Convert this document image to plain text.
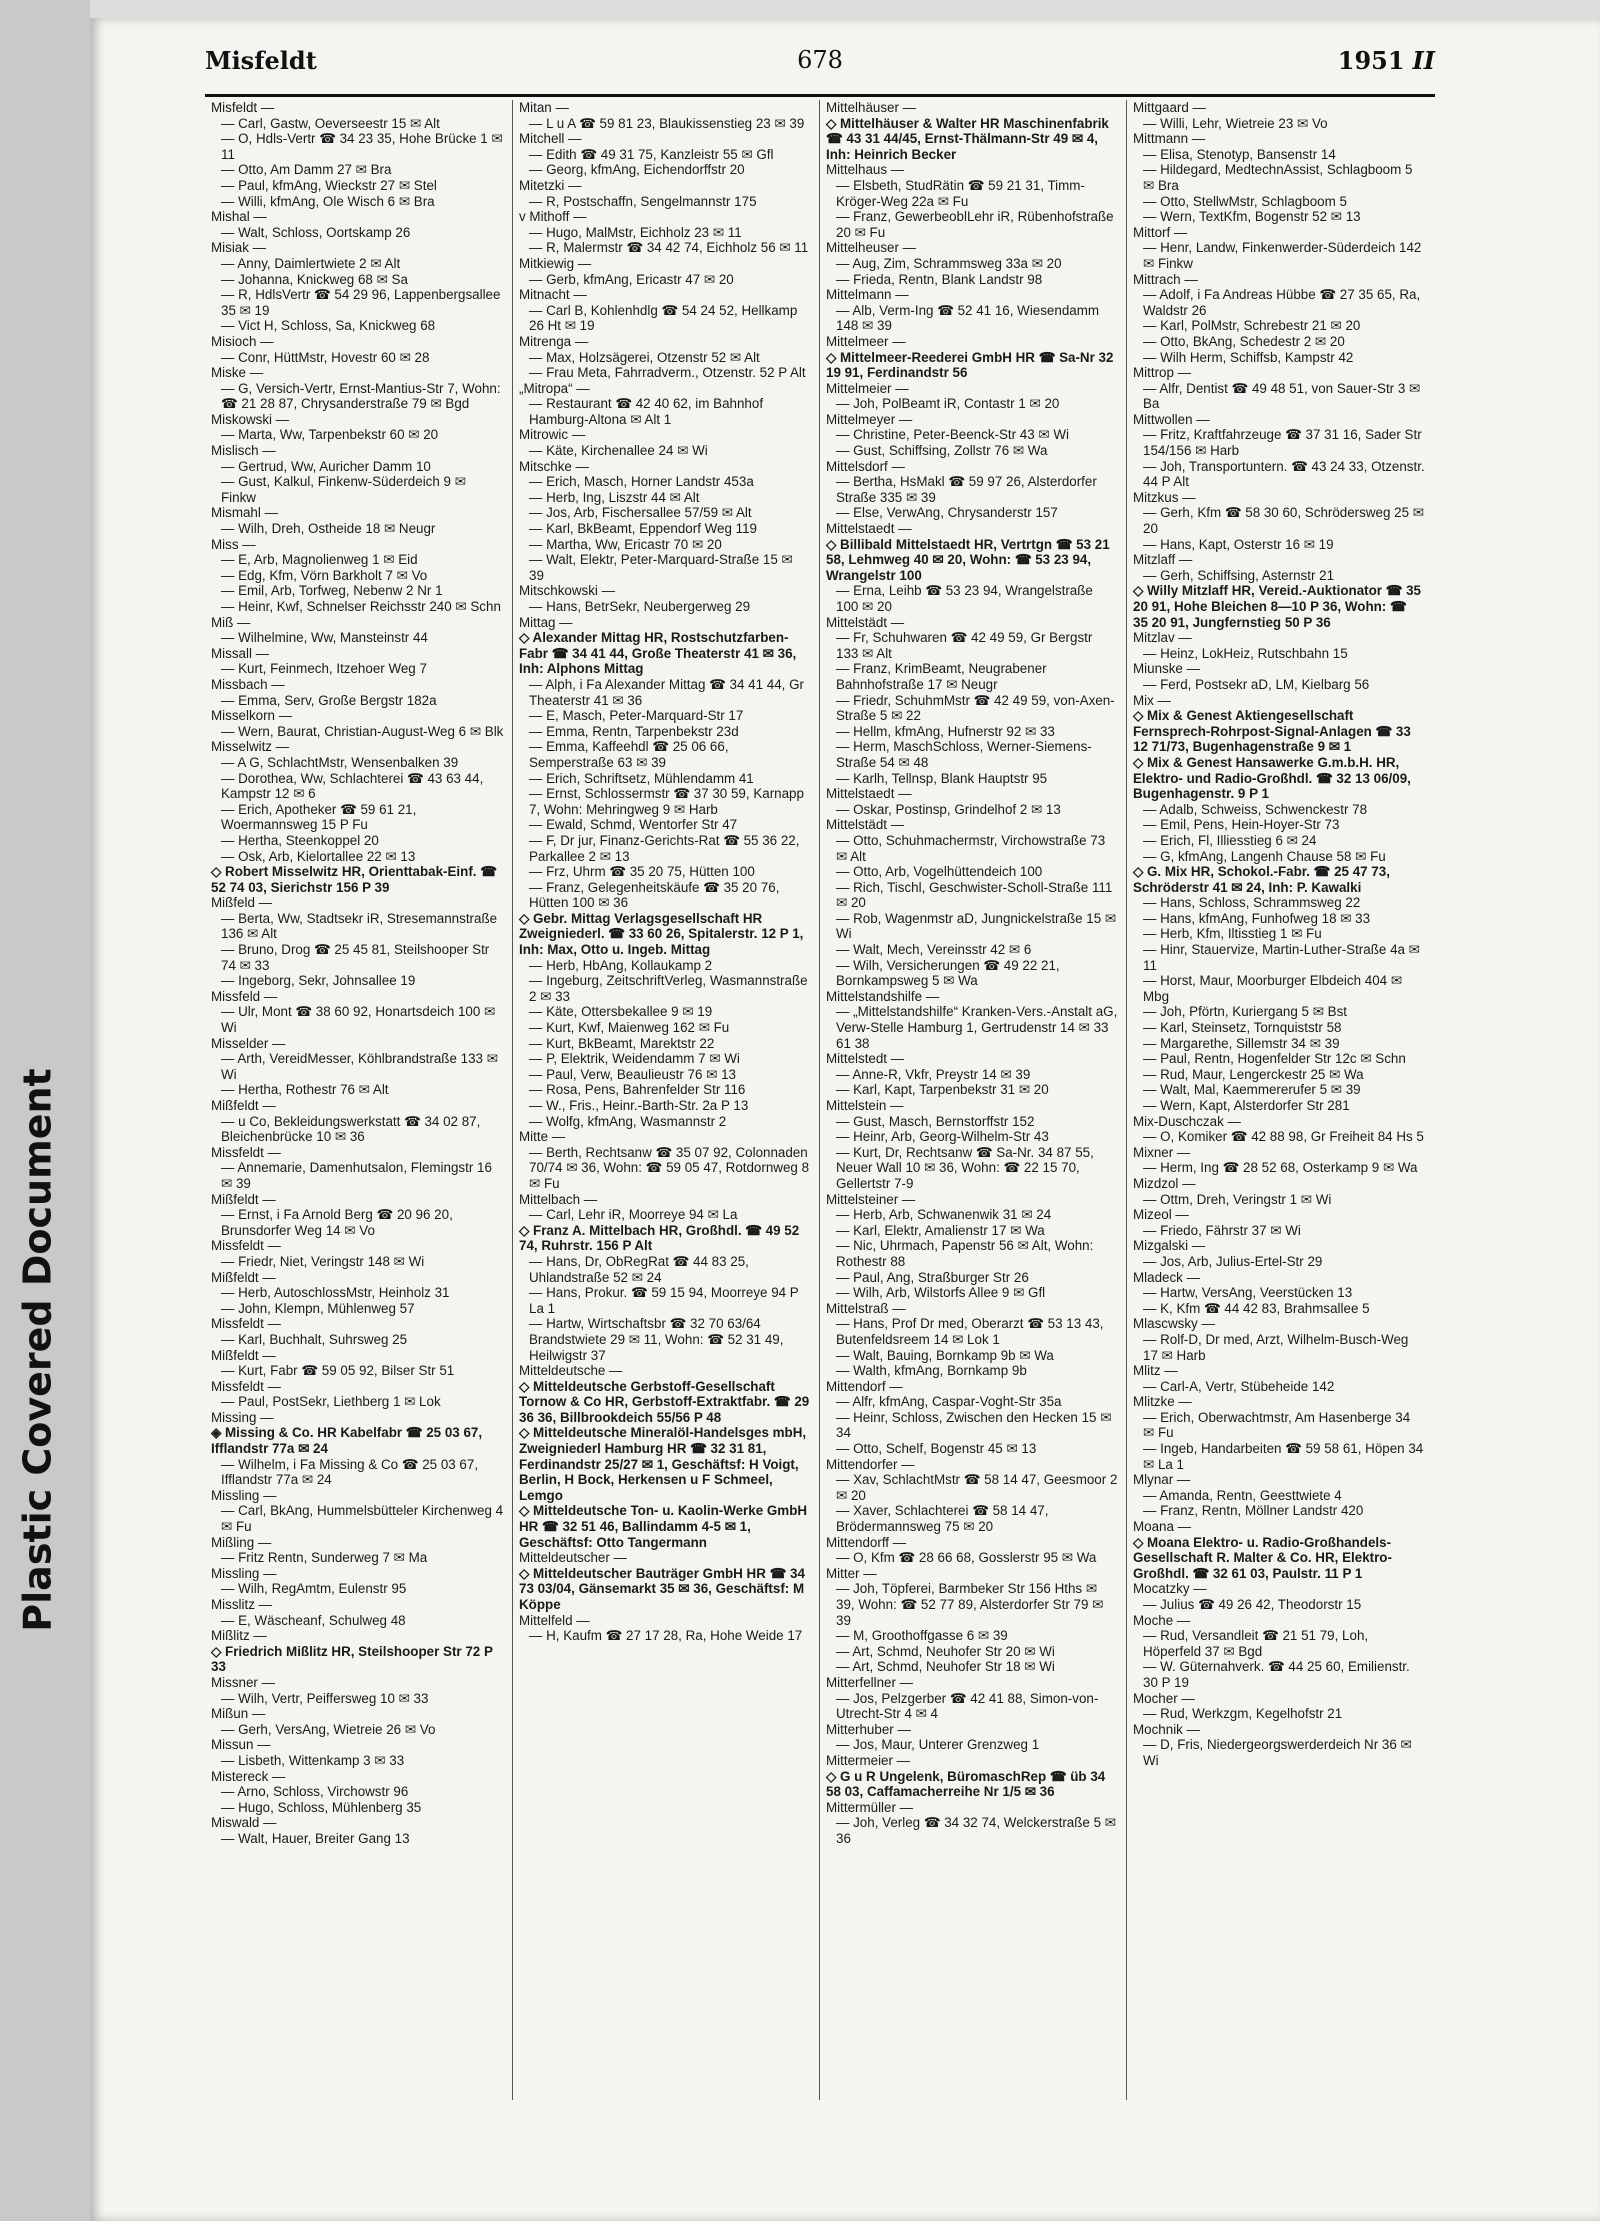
Plastic Covered Document
Misfeldt	678	1951 II
Misfeldt —
— Carl, Gastw, Oeverseestr 15 ✉ Alt
— O, Hdls-Vertr ☎ 34 23 35, Hohe Brücke 1 ✉ 11
— Otto, Am Damm 27 ✉ Bra
— Paul, kfmAng, Wieckstr 27 ✉ Stel
— Willi, kfmAng, Ole Wisch 6 ✉ Bra
Mishal —
— Walt, Schloss, Oortskamp 26
Misiak —
— Anny, Daimlertwiete 2 ✉ Alt
— Johanna, Knickweg 68 ✉ Sa
— R, HdlsVertr ☎ 54 29 96, Lappenbergsallee 35 ✉ 19
— Vict H, Schloss, Sa, Knickweg 68
Misioch —
— Conr, HüttMstr, Hovestr 60 ✉ 28
Miske —
— G, Versich-Vertr, Ernst-Mantius-Str 7, Wohn: ☎ 21 28 87, Chrysanderstraße 79 ✉ Bgd
Miskowski —
— Marta, Ww, Tarpenbekstr 60 ✉ 20
Mislisch —
— Gertrud, Ww, Auricher Damm 10
— Gust, Kalkul, Finkenw-Süderdeich 9 ✉ Finkw
Mismahl —
— Wilh, Dreh, Ostheide 18 ✉ Neugr
Miss —
— E, Arb, Magnolienweg 1 ✉ Eid
— Edg, Kfm, Vörn Barkholt 7 ✉ Vo
— Emil, Arb, Torfweg, Nebenw 2 Nr 1
— Heinr, Kwf, Schnelser Reichsstr 240 ✉ Schn
Miß —
— Wilhelmine, Ww, Mansteinstr 44
Missall —
— Kurt, Feinmech, Itzehoer Weg 7
Missbach —
— Emma, Serv, Große Bergstr 182a
Misselkorn —
— Wern, Baurat, Christian-August-Weg 6 ✉ Blk
Misselwitz —
— A G, SchlachtMstr, Wensenbalken 39
— Dorothea, Ww, Schlachterei ☎ 43 63 44, Kampstr 12 ✉ 6
— Erich, Apotheker ☎ 59 61 21, Woermannsweg 15 P Fu
— Hertha, Steenkoppel 20
— Osk, Arb, Kielortallee 22 ✉ 13
◇ Robert Misselwitz HR, Orienttabak-Einf. ☎ 52 74 03, Sierichstr 156 P 39
Mißfeld —
— Berta, Ww, Stadtsekr iR, Stresemannstraße 136 ✉ Alt
— Bruno, Drog ☎ 25 45 81, Steilshooper Str 74 ✉ 33
— Ingeborg, Sekr, Johnsallee 19
Missfeld —
— Ulr, Mont ☎ 38 60 92, Honartsdeich 100 ✉ Wi
Misselder —
— Arth, VereidMesser, Köhlbrandstraße 133 ✉ Wi
— Hertha, Rothestr 76 ✉ Alt
Mißfeldt —
— u Co, Bekleidungswerkstatt ☎ 34 02 87, Bleichenbrücke 10 ✉ 36
Missfeldt —
— Annemarie, Damenhutsalon, Flemingstr 16 ✉ 39
Mißfeldt —
— Ernst, i Fa Arnold Berg ☎ 20 96 20, Brunsdorfer Weg 14 ✉ Vo
Missfeldt —
— Friedr, Niet, Veringstr 148 ✉ Wi
Mißfeldt —
— Herb, AutoschlossMstr, Heinholz 31
— John, Klempn, Mühlenweg 57
Missfeldt —
— Karl, Buchhalt, Suhrsweg 25
Mißfeldt —
— Kurt, Fabr ☎ 59 05 92, Bilser Str 51
Missfeldt —
— Paul, PostSekr, Liethberg 1 ✉ Lok
Missing —
◈ Missing & Co. HR Kabelfabr ☎ 25 03 67, Ifflandstr 77a ✉ 24
— Wilhelm, i Fa Missing & Co ☎ 25 03 67, Ifflandstr 77a ✉ 24
Missling —
— Carl, BkAng, Hummelsbütteler Kirchenweg 4 ✉ Fu
Mißling —
— Fritz Rentn, Sunderweg 7 ✉ Ma
Missling —
— Wilh, RegAmtm, Eulenstr 95
Misslitz —
— E, Wäscheanf, Schulweg 48
Mißlitz —
◇ Friedrich Mißlitz HR, Steilshooper Str 72 P 33
Missner —
— Wilh, Vertr, Peiffersweg 10 ✉ 33
Mißun —
— Gerh, VersAng, Wietreie 26 ✉ Vo
Missun —
— Lisbeth, Wittenkamp 3 ✉ 33
Mistereck —
— Arno, Schloss, Virchowstr 96
— Hugo, Schloss, Mühlenberg 35
Miswald —
— Walt, Hauer, Breiter Gang 13
Mitan —
— L u A ☎ 59 81 23, Blaukissenstieg 23 ✉ 39
Mitchell —
— Edith ☎ 49 31 75, Kanzleistr 55 ✉ Gfl
— Georg, kfmAng, Eichendorffstr 20
Mitetzki —
— R, Postschaffn, Sengelmannstr 175
v Mithoff —
— Hugo, MalMstr, Eichholz 23 ✉ 11
— R, Malermstr ☎ 34 42 74, Eichholz 56 ✉ 11
Mitkiewig —
— Gerb, kfmAng, Ericastr 47 ✉ 20
Mitnacht —
— Carl B, Kohlenhdlg ☎ 54 24 52, Hellkamp 26 Ht ✉ 19
Mitrenga —
— Max, Holzsägerei, Otzenstr 52 ✉ Alt
— Frau Meta, Fahrradverm., Otzenstr. 52 P Alt
„Mitropa“ —
— Restaurant ☎ 42 40 62, im Bahnhof Hamburg-Altona ✉ Alt 1
Mitrowic —
— Käte, Kirchenallee 24 ✉ Wi
Mitschke —
— Erich, Masch, Horner Landstr 453a
— Herb, Ing, Liszstr 44 ✉ Alt
— Jos, Arb, Fischersallee 57/59 ✉ Alt
— Karl, BkBeamt, Eppendorf Weg 119
— Martha, Ww, Ericastr 70 ✉ 20
— Walt, Elektr, Peter-Marquard-Straße 15 ✉ 39
Mitschkowski —
— Hans, BetrSekr, Neubergerweg 29
Mittag —
◇ Alexander Mittag HR, Rostschutzfarben-Fabr ☎ 34 41 44, Große Theaterstr 41 ✉ 36, Inh: Alphons Mittag
— Alph, i Fa Alexander Mittag ☎ 34 41 44, Gr Theaterstr 41 ✉ 36
— E, Masch, Peter-Marquard-Str 17
— Emma, Rentn, Tarpenbekstr 23d
— Emma, Kaffeehdl ☎ 25 06 66, Semperstraße 63 ✉ 39
— Erich, Schriftsetz, Mühlendamm 41
— Ernst, Schlossermstr ☎ 37 30 59, Karnapp 7, Wohn: Mehringweg 9 ✉ Harb
— Ewald, Schmd, Wentorfer Str 47
— F, Dr jur, Finanz-Gerichts-Rat ☎ 55 36 22, Parkallee 2 ✉ 13
— Frz, Uhrm ☎ 35 20 75, Hütten 100
— Franz, Gelegenheitskäufe ☎ 35 20 76, Hütten 100 ✉ 36
◇ Gebr. Mittag Verlagsgesellschaft HR Zweigniederl. ☎ 33 60 26, Spitalerstr. 12 P 1, Inh: Max, Otto u. Ingeb. Mittag
— Herb, HbAng, Kollaukamp 2
— Ingeburg, ZeitschriftVerleg, Wasmannstraße 2 ✉ 33
— Käte, Ottersbekallee 9 ✉ 19
— Kurt, Kwf, Maienweg 162 ✉ Fu
— Kurt, BkBeamt, Marektstr 22
— P, Elektrik, Weidendamm 7 ✉ Wi
— Paul, Verw, Beaulieustr 76 ✉ 13
— Rosa, Pens, Bahrenfelder Str 116
— W., Fris., Heinr.-Barth-Str. 2a P 13
— Wolfg, kfmAng, Wasmannstr 2
Mitte —
— Berth, Rechtsanw ☎ 35 07 92, Colonnaden 70/74 ✉ 36, Wohn: ☎ 59 05 47, Rotdornweg 8 ✉ Fu
Mittelbach —
— Carl, Lehr iR, Moorreye 94 ✉ La
◇ Franz A. Mittelbach HR, Großhdl. ☎ 49 52 74, Ruhrstr. 156 P Alt
— Hans, Dr, ObRegRat ☎ 44 83 25, Uhlandstraße 52 ✉ 24
— Hans, Prokur. ☎ 59 15 94, Moorreye 94 P La 1
— Hartw, Wirtschaftsbr ☎ 32 70 63/64 Brandstwiete 29 ✉ 11, Wohn: ☎ 52 31 49, Heilwigstr 37
Mitteldeutsche —
◇ Mitteldeutsche Gerbstoff-Gesellschaft Tornow & Co HR, Gerbstoff-Extraktfabr. ☎ 29 36 36, Billbrookdeich 55/56 P 48
◇ Mitteldeutsche Mineralöl-Handelsges mbH, Zweigniederl Hamburg HR ☎ 32 31 81, Ferdinandstr 25/27 ✉ 1, Geschäftsf: H Voigt, Berlin, H Bock, Herkensen u F Schmeel, Lemgo
◇ Mitteldeutsche Ton- u. Kaolin-Werke GmbH HR ☎ 32 51 46, Ballindamm 4-5 ✉ 1, Geschäftsf: Otto Tangermann
Mitteldeutscher —
◇ Mitteldeutscher Bauträger GmbH HR ☎ 34 73 03/04, Gänsemarkt 35 ✉ 36, Geschäftsf: M Köppe
Mittelfeld —
— H, Kaufm ☎ 27 17 28, Ra, Hohe Weide 17
Mittelhäuser —
◇ Mittelhäuser & Walter HR Maschinenfabrik ☎ 43 31 44/45, Ernst-Thälmann-Str 49 ✉ 4, Inh: Heinrich Becker
Mittelhaus —
— Elsbeth, StudRätin ☎ 59 21 31, Timm-Kröger-Weg 22a ✉ Fu
— Franz, GewerbeoblLehr iR, Rübenhofstraße 20 ✉ Fu
Mittelheuser —
— Aug, Zim, Schrammsweg 33a ✉ 20
— Frieda, Rentn, Blank Landstr 98
Mittelmann —
— Alb, Verm-Ing ☎ 52 41 16, Wiesendamm 148 ✉ 39
Mittelmeer —
◇ Mittelmeer-Reederei GmbH HR ☎ Sa-Nr 32 19 91, Ferdinandstr 56
Mittelmeier —
— Joh, PolBeamt iR, Contastr 1 ✉ 20
Mittelmeyer —
— Christine, Peter-Beenck-Str 43 ✉ Wi
— Gust, Schiffsing, Zollstr 76 ✉ Wa
Mittelsdorf —
— Bertha, HsMakl ☎ 59 97 26, Alsterdorfer Straße 335 ✉ 39
— Else, VerwAng, Chrysanderstr 157
Mittelstaedt —
◇ Billibald Mittelstaedt HR, Vertrtgn ☎ 53 21 58, Lehmweg 40 ✉ 20, Wohn: ☎ 53 23 94, Wrangelstr 100
— Erna, Leihb ☎ 53 23 94, Wrangelstraße 100 ✉ 20
Mittelstädt —
— Fr, Schuhwaren ☎ 42 49 59, Gr Bergstr 133 ✉ Alt
— Franz, KrimBeamt, Neugrabener Bahnhofstraße 17 ✉ Neugr
— Friedr, SchuhmMstr ☎ 42 49 59, von-Axen-Straße 5 ✉ 22
— Hellm, kfmAng, Hufnerstr 92 ✉ 33
— Herm, MaschSchloss, Werner-Siemens-Straße 54 ✉ 48
— Karlh, Tellnsp, Blank Hauptstr 95
Mittelstaedt —
— Oskar, Postinsp, Grindelhof 2 ✉ 13
Mittelstädt —
— Otto, Schuhmachermstr, Virchowstraße 73 ✉ Alt
— Otto, Arb, Vogelhüttendeich 100
— Rich, Tischl, Geschwister-Scholl-Straße 111 ✉ 20
— Rob, Wagenmstr aD, Jungnickelstraße 15 ✉ Wi
— Walt, Mech, Vereinsstr 42 ✉ 6
— Wilh, Versicherungen ☎ 49 22 21, Bornkampsweg 5 ✉ Wa
Mittelstandshilfe —
— „Mittelstandshilfe“ Kranken-Vers.-Anstalt aG, Verw-Stelle Hamburg 1, Gertrudenstr 14 ✉ 33 61 38
Mittelstedt —
— Anne-R, Vkfr, Preystr 14 ✉ 39
— Karl, Kapt, Tarpenbekstr 31 ✉ 20
Mittelstein —
— Gust, Masch, Bernstorffstr 152
— Heinr, Arb, Georg-Wilhelm-Str 43
— Kurt, Dr, Rechtsanw ☎ Sa-Nr. 34 87 55, Neuer Wall 10 ✉ 36, Wohn: ☎ 22 15 70, Gellertstr 7-9
Mittelsteiner —
— Herb, Arb, Schwanenwik 31 ✉ 24
— Karl, Elektr, Amalienstr 17 ✉ Wa
— Nic, Uhrmach, Papenstr 56 ✉ Alt, Wohn: Rothestr 88
— Paul, Ang, Straßburger Str 26
— Wilh, Arb, Wilstorfs Allee 9 ✉ Gfl
Mittelstraß —
— Hans, Prof Dr med, Oberarzt ☎ 53 13 43, Butenfeldsreem 14 ✉ Lok 1
— Walt, Bauing, Bornkamp 9b ✉ Wa
— Walth, kfmAng, Bornkamp 9b
Mittendorf —
— Alfr, kfmAng, Caspar-Voght-Str 35a
— Heinr, Schloss, Zwischen den Hecken 15 ✉ 34
— Otto, Schelf, Bogenstr 45 ✉ 13
Mittendorfer —
— Xav, SchlachtMstr ☎ 58 14 47, Geesmoor 2 ✉ 20
— Xaver, Schlachterei ☎ 58 14 47, Brödermannsweg 75 ✉ 20
Mittendorff —
— O, Kfm ☎ 28 66 68, Gosslerstr 95 ✉ Wa
Mitter —
— Joh, Töpferei, Barmbeker Str 156 Hths ✉ 39, Wohn: ☎ 52 77 89, Alsterdorfer Str 79 ✉ 39
— M, Groothoffgasse 6 ✉ 39
— Art, Schmd, Neuhofer Str 20 ✉ Wi
— Art, Schmd, Neuhofer Str 18 ✉ Wi
Mitterfellner —
— Jos, Pelzgerber ☎ 42 41 88, Simon-von-Utrecht-Str 4 ✉ 4
Mitterhuber —
— Jos, Maur, Unterer Grenzweg 1
Mittermeier —
◇ G u R Ungelenk, BüromaschRep ☎ üb 34 58 03, Caffamacherreihe Nr 1/5 ✉ 36
Mittermüller —
— Joh, Verleg ☎ 34 32 74, Welckerstraße 5 ✉ 36
Mittgaard —
— Willi, Lehr, Wietreie 23 ✉ Vo
Mittmann —
— Elisa, Stenotyp, Bansenstr 14
— Hildegard, MedtechnAssist, Schlagboom 5 ✉ Bra
— Otto, StellwMstr, Schlagboom 5
— Wern, TextKfm, Bogenstr 52 ✉ 13
Mittorf —
— Henr, Landw, Finkenwerder-Süderdeich 142 ✉ Finkw
Mittrach —
— Adolf, i Fa Andreas Hübbe ☎ 27 35 65, Ra, Waldstr 26
— Karl, PolMstr, Schrebestr 21 ✉ 20
— Otto, BkAng, Schedestr 2 ✉ 20
— Wilh Herm, Schiffsb, Kampstr 42
Mittrop —
— Alfr, Dentist ☎ 49 48 51, von Sauer-Str 3 ✉ Ba
Mittwollen —
— Fritz, Kraftfahrzeuge ☎ 37 31 16, Sader Str 154/156 ✉ Harb
— Joh, Transportuntern. ☎ 43 24 33, Otzenstr. 44 P Alt
Mitzkus —
— Gerh, Kfm ☎ 58 30 60, Schrödersweg 25 ✉ 20
— Hans, Kapt, Osterstr 16 ✉ 19
Mitzlaff —
— Gerh, Schiffsing, Asternstr 21
◇ Willy Mitzlaff HR, Vereid.-Auktionator ☎ 35 20 91, Hohe Bleichen 8—10 P 36, Wohn: ☎ 35 20 91, Jungfernstieg 50 P 36
Mitzlav —
— Heinz, LokHeiz, Rutschbahn 15
Miunske —
— Ferd, Postsekr aD, LM, Kielbarg 56
Mix —
◇ Mix & Genest Aktiengesellschaft Fernsprech-Rohrpost-Signal-Anlagen ☎ 33 12 71/73, Bugenhagenstraße 9 ✉ 1
◇ Mix & Genest Hansawerke G.m.b.H. HR, Elektro- und Radio-Großhdl. ☎ 32 13 06/09, Bugenhagenstr. 9 P 1
— Adalb, Schweiss, Schwenckestr 78
— Emil, Pens, Hein-Hoyer-Str 73
— Erich, Fl, Illiesstieg 6 ✉ 24
— G, kfmAng, Langenh Chause 58 ✉ Fu
◇ G. Mix HR, Schokol.-Fabr. ☎ 25 47 73, Schröderstr 41 ✉ 24, Inh: P. Kawalki
— Hans, Schloss, Schrammsweg 22
— Hans, kfmAng, Funhofweg 18 ✉ 33
— Herb, Kfm, Iltisstieg 1 ✉ Fu
— Hinr, Stauervize, Martin-Luther-Straße 4a ✉ 11
— Horst, Maur, Moorburger Elbdeich 404 ✉ Mbg
— Joh, Pförtn, Kuriergang 5 ✉ Bst
— Karl, Steinsetz, Tornquiststr 58
— Margarethe, Sillemstr 34 ✉ 39
— Paul, Rentn, Hogenfelder Str 12c ✉ Schn
— Rud, Maur, Lengerckestr 25 ✉ Wa
— Walt, Mal, Kaemmererufer 5 ✉ 39
— Wern, Kapt, Alsterdorfer Str 281
Mix-Duschczak —
— O, Komiker ☎ 42 88 98, Gr Freiheit 84 Hs 5
Mixner —
— Herm, Ing ☎ 28 52 68, Osterkamp 9 ✉ Wa
Mizdzol —
— Ottm, Dreh, Veringstr 1 ✉ Wi
Mizeol —
— Friedo, Fährstr 37 ✉ Wi
Mizgalski —
— Jos, Arb, Julius-Ertel-Str 29
Mladeck —
— Hartw, VersAng, Veerstücken 13
— K, Kfm ☎ 44 42 83, Brahmsallee 5
Mlascwsky —
— Rolf-D, Dr med, Arzt, Wilhelm-Busch-Weg 17 ✉ Harb
Mlitz —
— Carl-A, Vertr, Stübeheide 142
Mlitzke —
— Erich, Oberwachtmstr, Am Hasenberge 34 ✉ Fu
— Ingeb, Handarbeiten ☎ 59 58 61, Höpen 34 ✉ La 1
Mlynar —
— Amanda, Rentn, Geesttwiete 4
— Franz, Rentn, Möllner Landstr 420
Moana —
◇ Moana Elektro- u. Radio-Großhandels-Gesellschaft R. Malter & Co. HR, Elektro-Großhdl. ☎ 32 61 03, Paulstr. 11 P 1
Mocatzky —
— Julius ☎ 49 26 42, Theodorstr 15
Moche —
— Rud, Versandleit ☎ 21 51 79, Loh, Höperfeld 37 ✉ Bgd
— W. Güternahverk. ☎ 44 25 60, Emilienstr. 30 P 19
Mocher —
— Rud, Werkzgm, Kegelhofstr 21
Mochnik —
— D, Fris, Niedergeorgswerderdeich Nr 36 ✉ Wi
